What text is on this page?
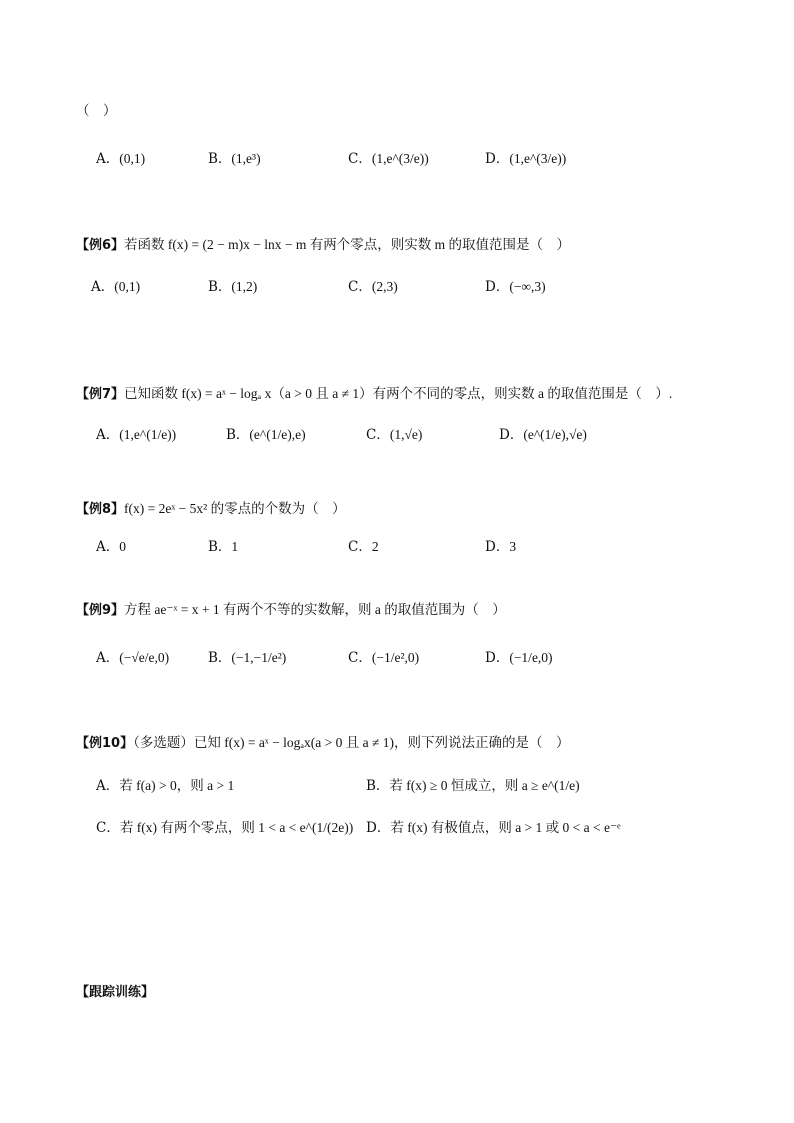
（　）
A．(0,1)	B．(1,e³)	C．(1,e^(3/e))	D．(1,e^(3/e))
【例6】若函数 f(x) = (2 − m)x − lnx − m 有两个零点，则实数 m 的取值范围是（　）
A．(0,1)	B．(1,2)	C．(2,3)	D．(−∞,3)
【例7】已知函数 f(x) = aˣ − logₐ x（a > 0 且 a ≠ 1）有两个不同的零点，则实数 a 的取值范围是（　）.
A．(1,e^(1/e))	B．(e^(1/e),e)	C．(1,√e)	D．(e^(1/e),√e)
【例8】f(x) = 2eˣ − 5x² 的零点的个数为（　）
A．0	B．1	C．2	D．3
【例9】方程 ae⁻ˣ = x + 1 有两个不等的实数解，则 a 的取值范围为（　）
A．(−√e/e,0)	B．(−1,−1/e²)	C．(−1/e²,0)	D．(−1/e,0)
【例10】（多选题）已知 f(x) = aˣ − logₐx(a > 0 且 a ≠ 1)，则下列说法正确的是（　）
A．若 f(a) > 0，则 a > 1	B．若 f(x) ≥ 0 恒成立，则 a ≥ e^(1/e)
C．若 f(x) 有两个零点，则 1 < a < e^(1/(2e)) D．若 f(x) 有极值点，则 a > 1 或 0 < a < e⁻ᵉ
【跟踪训练】
